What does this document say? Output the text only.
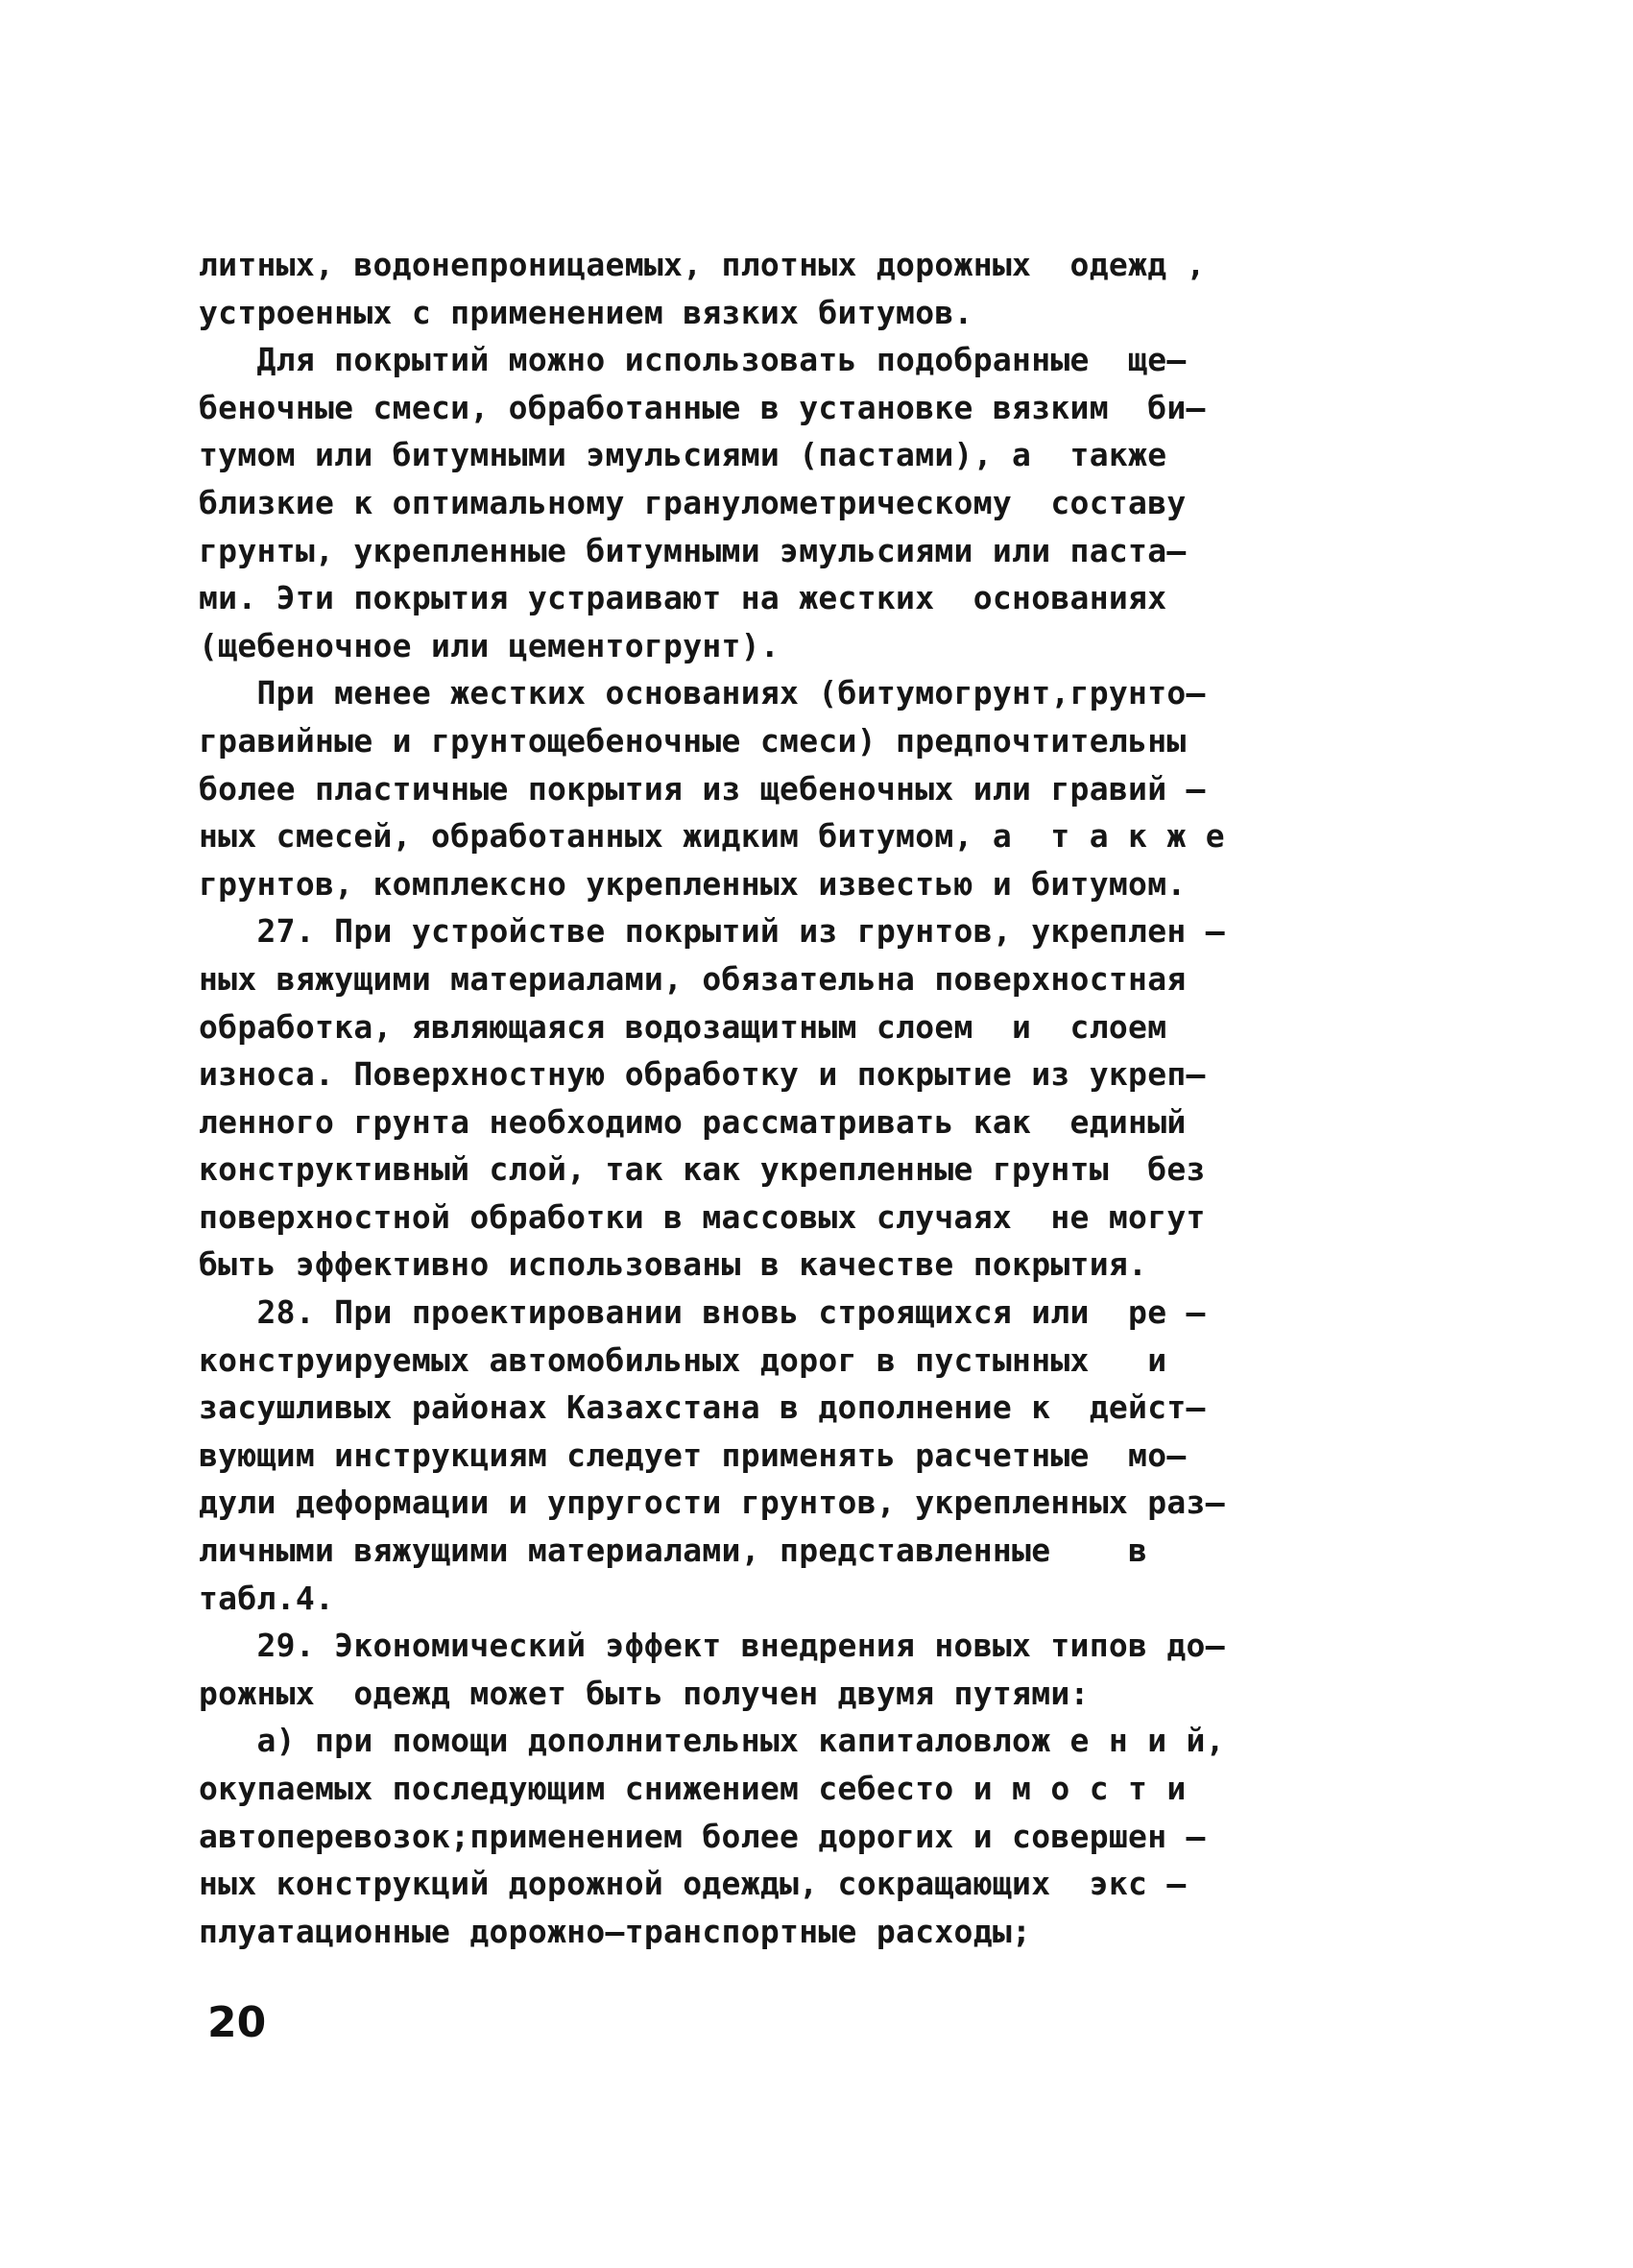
литных, водонепроницаемых, плотных дорожных  одежд ,
устроенных с применением вязких битумов.
Для покрытий можно использовать подобранные  ще–
беночные смеси, обработанные в установке вязким  би–
тумом или битумными эмульсиями (пастами), а  также
близкие к оптимальному гранулометрическому  составу
грунты, укрепленные битумными эмульсиями или паста–
ми. Эти покрытия устраивают на жестких  основаниях
(щебеночное или цементогрунт).
При менее жестких основаниях (битумогрунт,грунто–
гравийные и грунтощебеночные смеси) предпочтительны
более пластичные покрытия из щебеночных или гравий –
ных смесей, обработанных жидким битумом, а  т а к ж е
грунтов, комплексно укрепленных известью и битумом.
27. При устройстве покрытий из грунтов, укреплен –
ных вяжущими материалами, обязательна поверхностная
обработка, являющаяся водозащитным слоем  и  слоем
износа. Поверхностную обработку и покрытие из укреп–
ленного грунта необходимо рассматривать как  единый
конструктивный слой, так как укрепленные грунты  без
поверхностной обработки в массовых случаях  не могут
быть эффективно использованы в качестве покрытия.
28. При проектировании вновь строящихся или  ре –
конструируемых автомобильных дорог в пустынных   и
засушливых районах Казахстана в дополнение к  дейст–
вующим инструкциям следует применять расчетные  мо–
дули деформации и упругости грунтов, укрепленных раз–
личными вяжущими материалами, представленные    в
табл.4.
29. Экономический эффект внедрения новых типов до–
рожных  одежд может быть получен двумя путями:
а) при помощи дополнительных капиталовлож е н и й,
окупаемых последующим снижением себесто и м о с т и
автоперевозок;применением более дорогих и совершен –
ных конструкций дорожной одежды, сокращающих  экс –
плуатационные дорожно–транспортные расходы;
20
